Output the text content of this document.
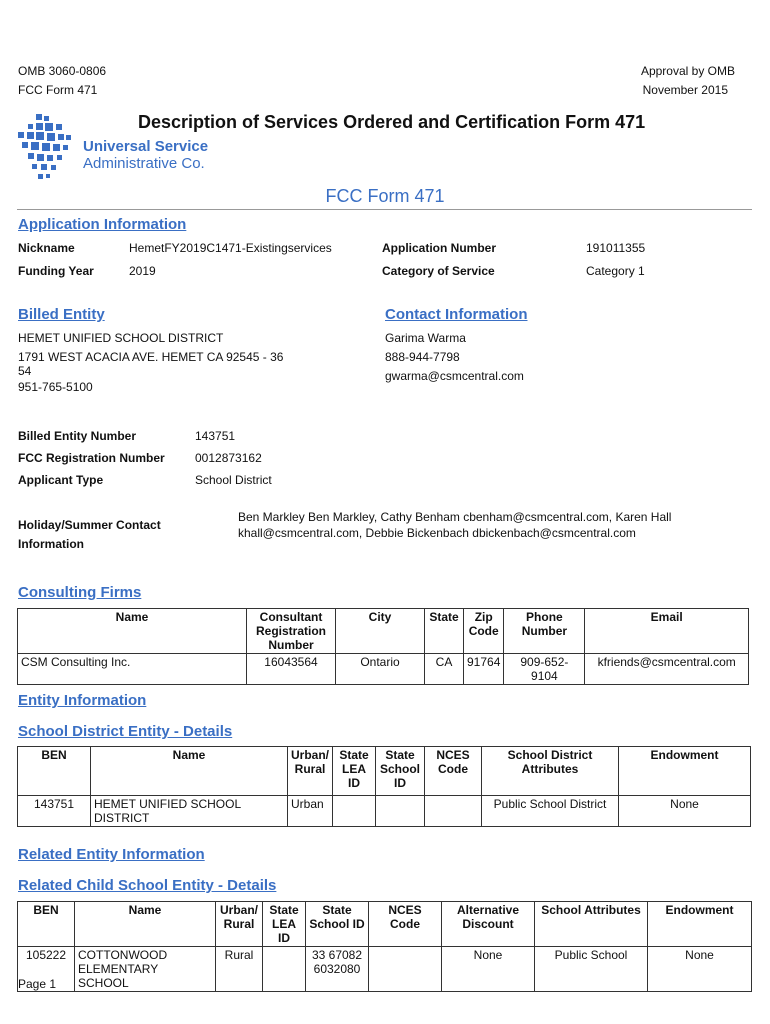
OMB 3060-0806
FCC Form 471
Approval by OMB
November 2015
Universal Service
Administrative Co.
Description of Services Ordered and Certification Form 471
FCC Form 471
Application Information
Nickname	HemetFY2019C1471-Existingservices
Funding Year	2019
Application Number	191011355
Category of Service	Category 1
Billed Entity
HEMET UNIFIED SCHOOL DISTRICT
1791 WEST ACACIA AVE. HEMET CA 92545 - 36
54
951-765-5100
Contact Information
Garima Warma
888-944-7798
gwarma@csmcentral.com
Billed Entity Number	143751
FCC Registration Number	0012873162
Applicant Type	School District
Holiday/Summer Contact
Information
Ben Markley Ben Markley, Cathy Benham cbenham@csmcentral.com, Karen Hall
khall@csmcentral.com, Debbie Bickenbach dbickenbach@csmcentral.com
Consulting Firms
Name	Consultant Registration Number	City	State	Zip Code	Phone Number	Email
CSM Consulting Inc.	16043564	Ontario	CA	91764	909-652-9104	kfriends@csmcentral.com
Entity Information
School District Entity - Details
BEN	Name	Urban/ Rural	State LEA ID	State School ID	NCES Code	School District Attributes	Endowment
143751	HEMET UNIFIED SCHOOL DISTRICT	Urban				Public School District	None
Related Entity Information
Related Child School Entity - Details
BEN	Name	Urban/ Rural	State LEA ID	State School ID	NCES Code	Alternative Discount	School Attributes	Endowment
105222	COTTONWOOD ELEMENTARY SCHOOL	Rural		33 67082 6032080		None	Public School	None
Page 1
